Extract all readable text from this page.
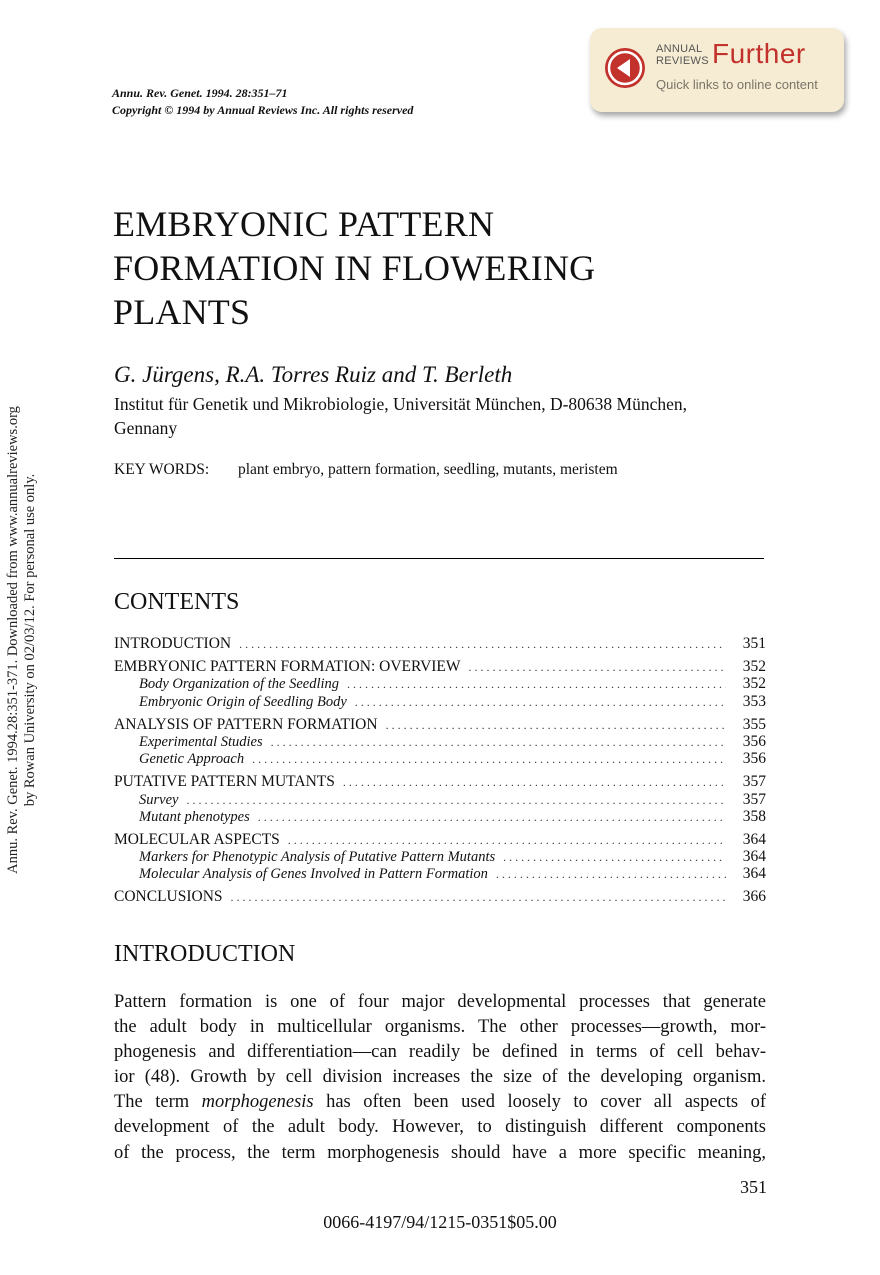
Annu. Rev. Genet. 1994. 28:351–71
Copyright © 1994 by Annual Reviews Inc. All rights reserved
ANNUAL
REVIEWS Further
Quick links to online content
Annu. Rev. Genet. 1994.28:351-371. Downloaded from www.annualreviews.org by Rowan University on 02/03/12. For personal use only.
EMBRYONIC PATTERN
FORMATION IN FLOWERING
PLANTS
G. Jürgens, R.A. Torres Ruiz and T. Berleth
Institut für Genetik und Mikrobiologie, Universität München, D-80638 München, Gennany
KEY WORDS: plant embryo, pattern formation, seedling, mutants, meristem
CONTENTS
INTRODUCTION . . .	351
EMBRYONIC PATTERN FORMATION: OVERVIEW . . .	352
Body Organization of the Seedling . . .	352
Embryonic Origin of Seedling Body . . .	353
ANALYSIS OF PATTERN FORMATION . . .	355
Experimental Studies . . .	356
Genetic Approach . . .	356
PUTATIVE PATTERN MUTANTS . . .	357
Survey . . .	357
Mutant phenotypes . . .	358
MOLECULAR ASPECTS . . .	364
Markers for Phenotypic Analysis of Putative Pattern Mutants . . .	364
Molecular Analysis of Genes Involved in Pattern Formation . . .	364
CONCLUSIONS . . .	366
INTRODUCTION
Pattern formation is one of four major developmental processes that generate
the adult body in multicellular organisms. The other processes—growth, mor-
phogenesis and differentiation—can readily be defined in terms of cell behav-
ior (48). Growth by cell division increases the size of the developing organism.
The term morphogenesis has often been used loosely to cover all aspects of
development of the adult body. However, to distinguish different components
of the process, the term morphogenesis should have a more specific meaning,
351
0066-4197/94/1215-0351$05.00
